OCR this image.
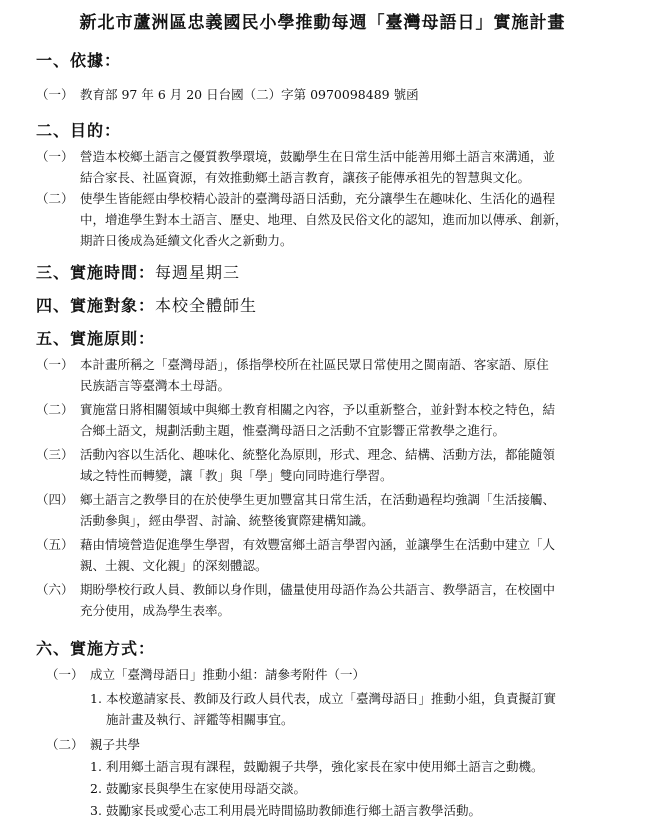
新北市蘆洲區忠義國民小學推動每週「臺灣母語日」實施計畫
一、依據：
（一） 教育部 97 年 6 月 20 日台國（二）字第 0970098489 號函
二、目的：
（一） 營造本校鄉土語言之優質教學環境，鼓勵學生在日常生活中能善用鄉土語言來溝通，並
結合家長、社區資源，有效推動鄉土語言教育，讓孩子能傳承祖先的智慧與文化。
（二） 使學生皆能經由學校精心設計的臺灣母語日活動，充分讓學生在趣味化、生活化的過程
中，增進學生對本土語言、歷史、地理、自然及民俗文化的認知，進而加以傳承、創新，
期許日後成為延續文化香火之新動力。
三、實施時間：每週星期三
四、實施對象：本校全體師生
五、實施原則：
（一） 本計畫所稱之「臺灣母語」，係指學校所在社區民眾日常使用之閩南語、客家語、原住
民族語言等臺灣本土母語。
（二） 實施當日將相關領域中與鄉土教育相關之內容，予以重新整合，並針對本校之特色，結
合鄉土語文，規劃活動主題，惟臺灣母語日之活動不宜影響正常教學之進行。
（三） 活動內容以生活化、趣味化、統整化為原則，形式、理念、結構、活動方法，都能隨領
域之特性而轉變，讓「教」與「學」雙向同時進行學習。
（四） 鄉土語言之教學目的在於使學生更加豐富其日常生活，在活動過程均強調「生活接觸、
活動參與」，經由學習、討論、統整後實際建構知識。
（五） 藉由情境營造促進學生學習，有效豐富鄉土語言學習內涵，並讓學生在活動中建立「人
親、土親、文化親」的深刻體認。
（六） 期盼學校行政人員、教師以身作則，儘量使用母語作為公共語言、教學語言，在校園中
充分使用，成為學生表率。
六、實施方式：
（一） 成立「臺灣母語日」推動小組：請參考附件（一）
1. 本校邀請家長、教師及行政人員代表，成立「臺灣母語日」推動小組，負責擬訂實
施計畫及執行、評鑑等相關事宜。
（二） 親子共學
1. 利用鄉土語言現有課程，鼓勵親子共學，強化家長在家中使用鄉土語言之動機。
2. 鼓勵家長與學生在家使用母語交談。
3. 鼓勵家長或愛心志工利用晨光時間協助教師進行鄉土語言教學活動。
